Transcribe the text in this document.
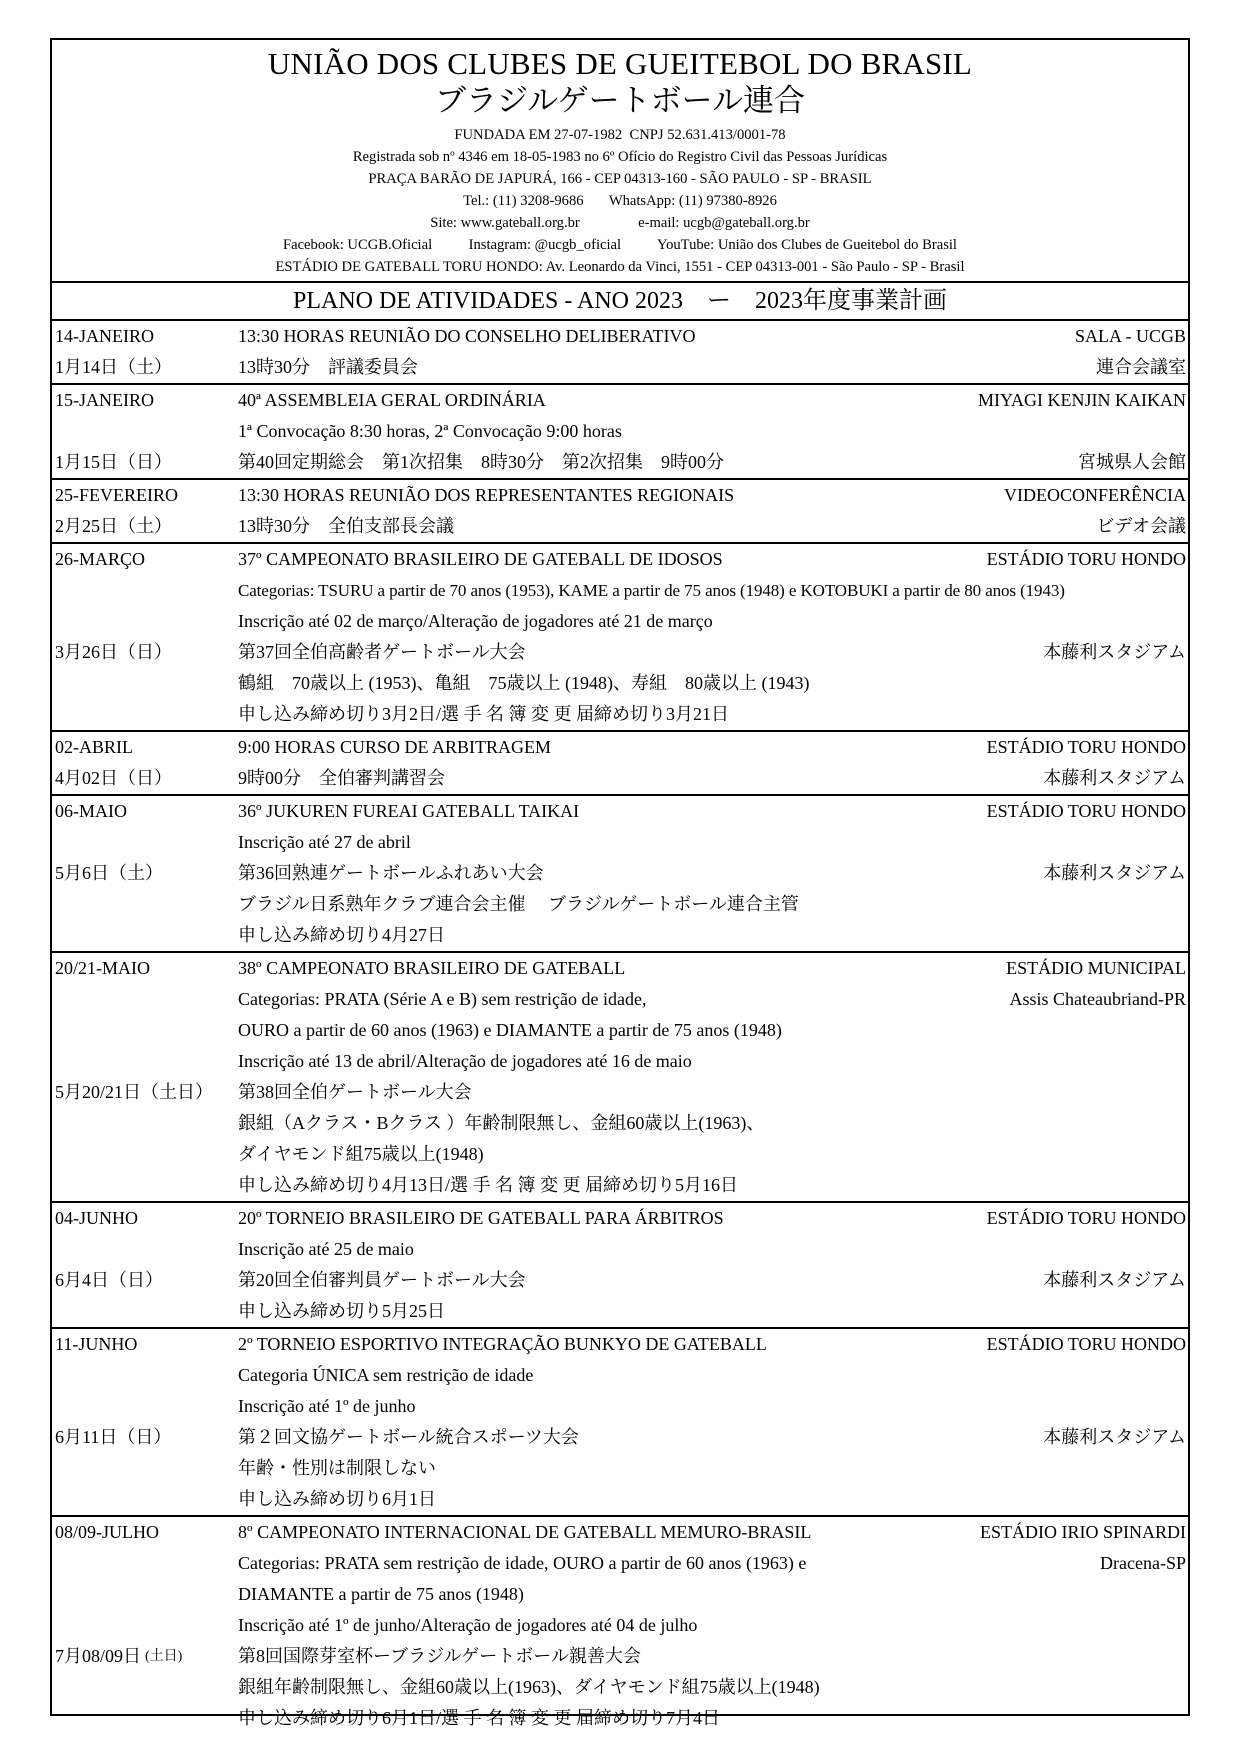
UNIÃO DOS CLUBES DE GUEITEBOL DO BRASIL
ブラジルゲートボール連合
FUNDADA EM 27-07-1982  CNPJ 52.631.413/0001-78
Registrada sob nº 4346 em 18-05-1983 no 6º Ofício do Registro Civil das Pessoas Jurídicas
PRAÇA BARÃO DE JAPURÁ, 166 - CEP 04313-160 - SÃO PAULO - SP - BRASIL
Tel.: (11) 3208-9686       WhatsApp: (11) 97380-8926
Site: www.gateball.org.br                e-mail: ucgb@gateball.org.br
Facebook: UCGB.Oficial          Instagram: @ucgb_oficial          YouTube: União dos Clubes de Gueitebol do Brasil
ESTÁDIO DE GATEBALL TORU HONDO: Av. Leonardo da Vinci, 1551 - CEP 04313-001 - São Paulo - SP - Brasil
PLANO DE ATIVIDADES - ANO 2023    ー    2023年度事業計画
14-JANEIRO	13:30 HORAS REUNIÃO DO CONSELHO DELIBERATIVO	SALA - UCGB
1月14日（土）	13時30分　評議委員会	連合会議室
15-JANEIRO	40ª ASSEMBLEIA GERAL ORDINÁRIA	MIYAGI KENJIN KAIKAN
1ª Convocação 8:30 horas, 2ª Convocação 9:00 horas
1月15日（日）	第40回定期総会　第1次招集　8時30分　第2次招集　9時00分	宮城県人会館
25-FEVEREIRO	13:30 HORAS REUNIÃO DOS REPRESENTANTES REGIONAIS	VIDEOCONFERÊNCIA
2月25日（土）	13時30分　全伯支部長会議	ビデオ会議
26-MARÇO	37º CAMPEONATO BRASILEIRO DE GATEBALL DE IDOSOS	ESTÁDIO TORU HONDO
Categorias: TSURU a partir de 70 anos (1953), KAME a partir de 75 anos (1948) e KOTOBUKI a partir de 80 anos (1943)
Inscrição até 02 de março/Alteração de jogadores até 21 de março
3月26日（日）	第37回全伯高齢者ゲートボール大会	本藤利スタジアム
鶴組　70歳以上 (1953)、亀組　75歳以上 (1948)、寿組　80歳以上 (1943)
申し込み締め切り3月2日/選 手 名 簿 変 更 届締め切り3月21日
02-ABRIL	9:00 HORAS CURSO DE ARBITRAGEM	ESTÁDIO TORU HONDO
4月02日（日）	9時00分　全伯審判講習会	本藤利スタジアム
06-MAIO	36º JUKUREN FUREAI GATEBALL TAIKAI	ESTÁDIO TORU HONDO
Inscrição até 27 de abril
5月6日（土）	第36回熟連ゲートボールふれあい大会	本藤利スタジアム
ブラジル日系熟年クラブ連合会主催　 ブラジルゲートボール連合主管
申し込み締め切り4月27日
20/21-MAIO	38º CAMPEONATO BRASILEIRO DE GATEBALL	ESTÁDIO MUNICIPAL
Categorias: PRATA (Série A e B) sem restrição de idade,	Assis Chateaubriand-PR
OURO a partir de 60 anos (1963) e DIAMANTE a partir de 75 anos (1948)
Inscrição até 13 de abril/Alteração de jogadores até 16 de maio
5月20/21日（土日） 第38回全伯ゲートボール大会
銀組（Aクラス・Bクラス ）年齢制限無し、金組60歳以上(1963)、
ダイヤモンド組75歳以上(1948)
申し込み締め切り4月13日/選 手 名 簿 変 更 届締め切り5月16日
04-JUNHO	20º TORNEIO BRASILEIRO DE GATEBALL PARA ÁRBITROS	ESTÁDIO TORU HONDO
Inscrição até 25 de maio
6月4日（日）	第20回全伯審判員ゲートボール大会	本藤利スタジアム
申し込み締め切り5月25日
11-JUNHO	2º TORNEIO ESPORTIVO INTEGRAÇÃO BUNKYO DE GATEBALL	ESTÁDIO TORU HONDO
Categoria ÚNICA sem restrição de idade
Inscrição até 1º de junho
6月11日（日）	第２回文協ゲートボール統合スポーツ大会	本藤利スタジアム
年齢・性別は制限しない
申し込み締め切り6月1日
08/09-JULHO	8º CAMPEONATO INTERNACIONAL DE GATEBALL MEMURO-BRASIL	ESTÁDIO IRIO SPINARDI
Categorias: PRATA sem restrição de idade, OURO a partir de 60 anos (1963) e	Dracena-SP
DIAMANTE a partir de 75 anos (1948)
Inscrição até 1º de junho/Alteração de jogadores até 04 de julho
7月08/09日 (土日)	第8回国際芽室杯ーブラジルゲートボール親善大会
銀組年齢制限無し、金組60歳以上(1963)、ダイヤモンド組75歳以上(1948)
申し込み締め切り6月1日/選 手 名 簿 変 更 届締め切り7月4日
